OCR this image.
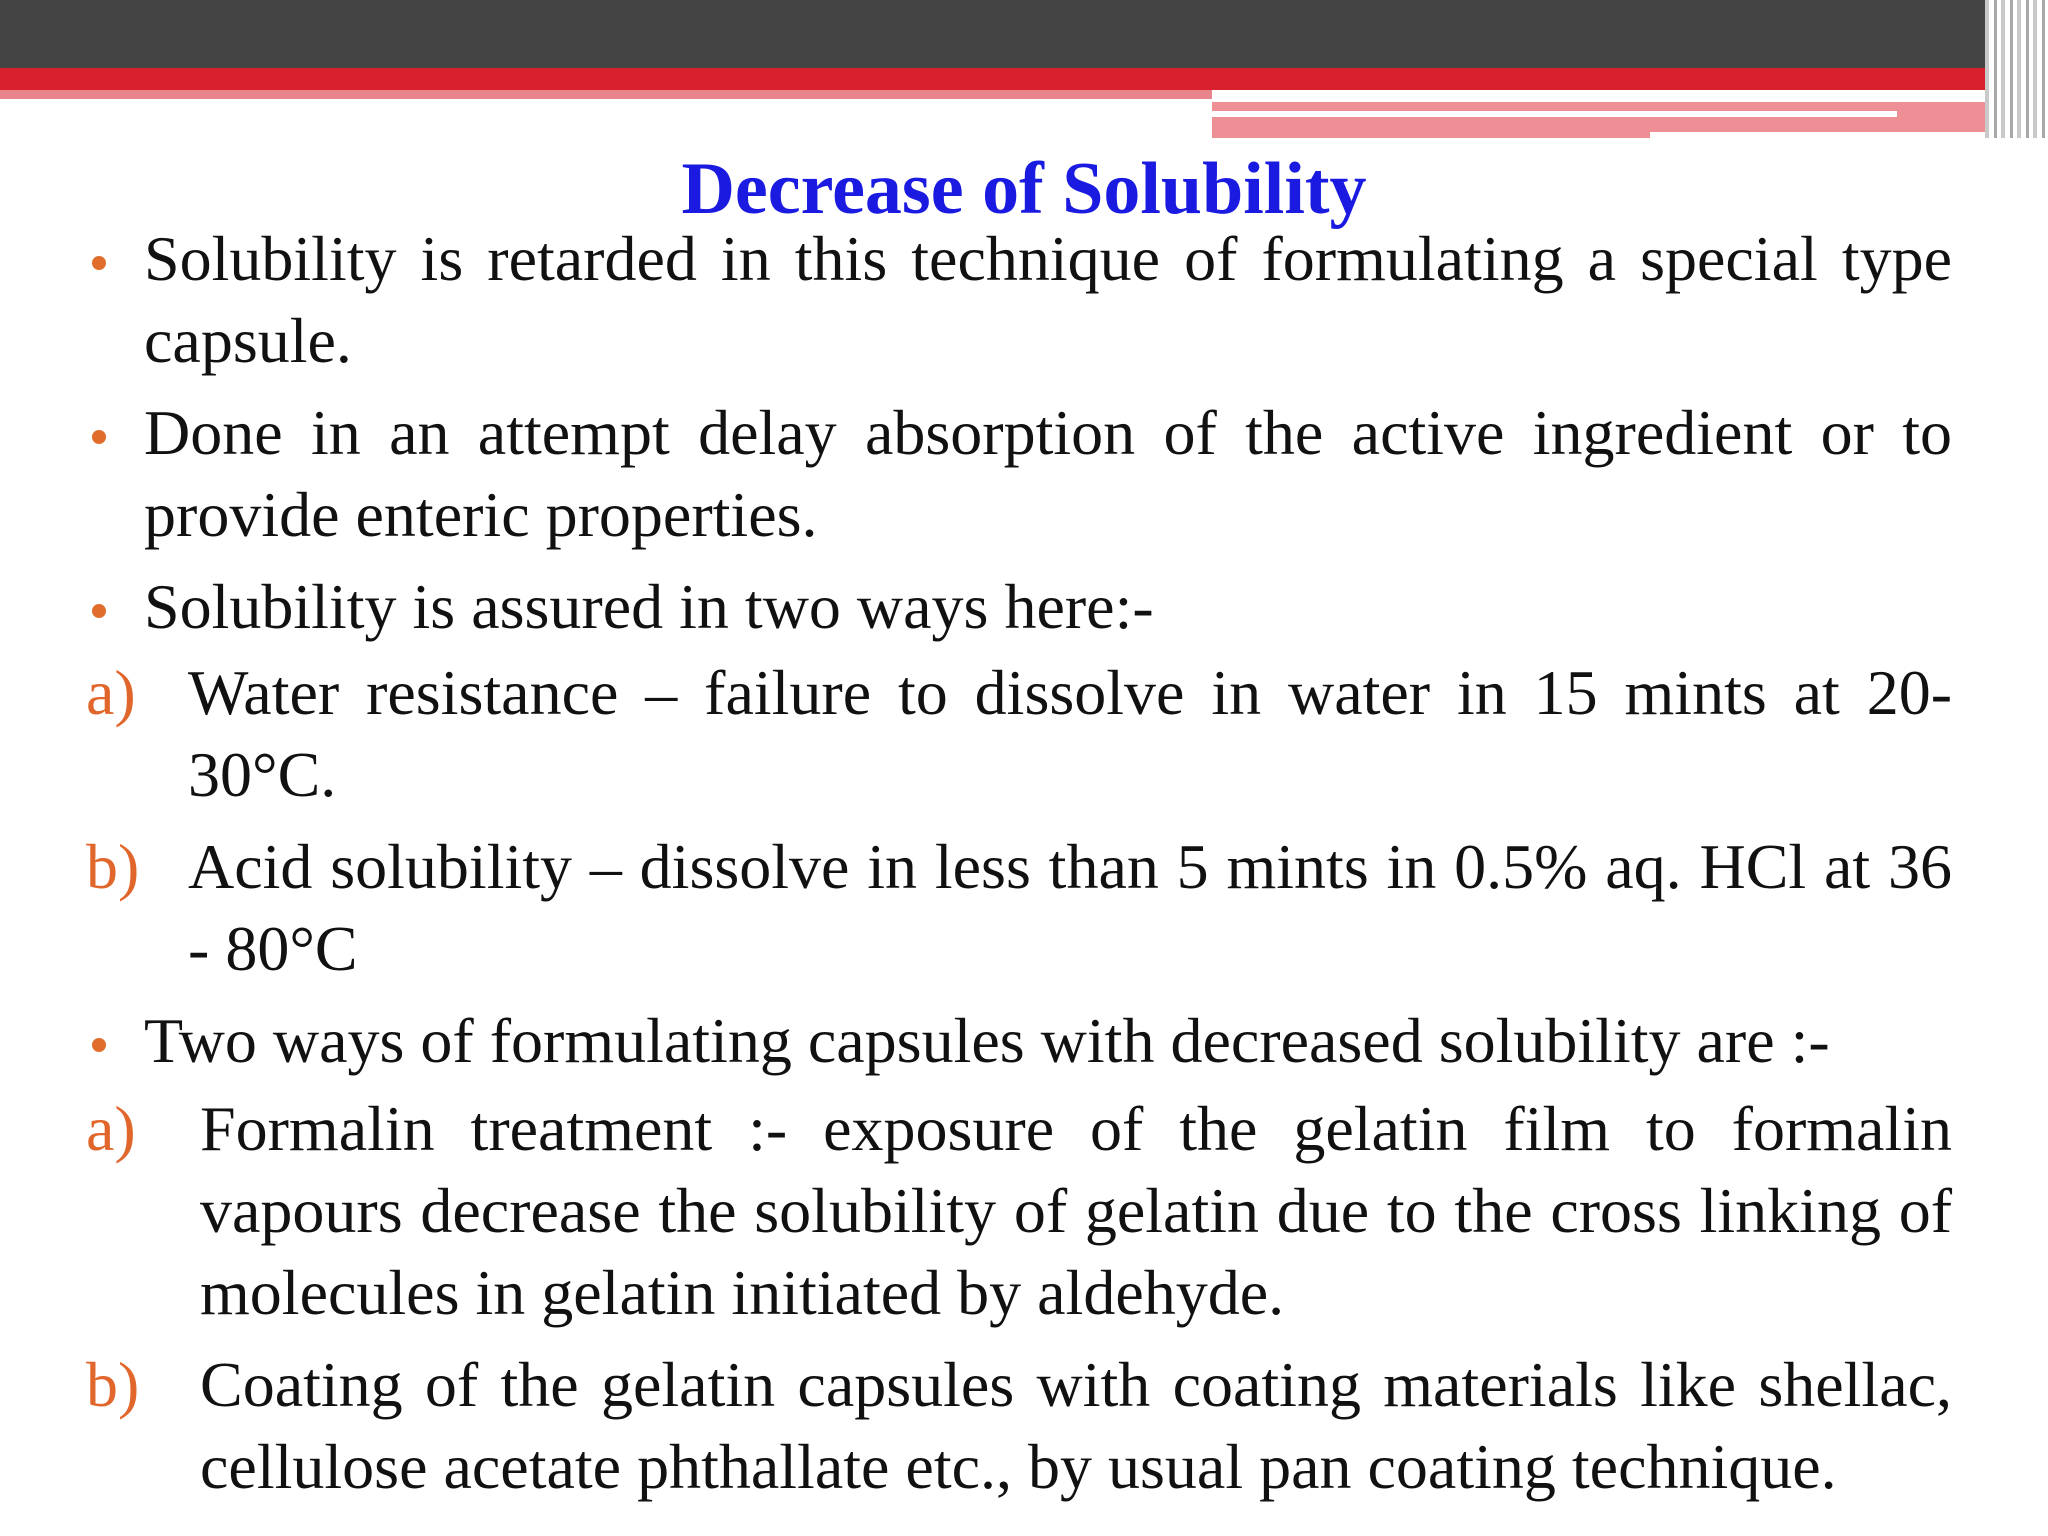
Decrease of Solubility
Solubility is retarded in this technique of formulating a special type capsule.
Done in an attempt delay absorption of the active ingredient or to provide enteric properties.
Solubility is assured in two ways here:-
a) Water resistance – failure to dissolve in water in 15 mints at 20-30°C.
b) Acid solubility – dissolve in less than 5 mints in 0.5% aq. HCl at 36 - 80°C
Two ways of formulating capsules with decreased solubility are :-
a) Formalin treatment :- exposure of the gelatin film to formalin vapours decrease the solubility of gelatin due to the cross linking of molecules in gelatin initiated by aldehyde.
b) Coating of the gelatin capsules with coating materials like shellac, cellulose acetate phthallate etc., by usual pan coating technique.
